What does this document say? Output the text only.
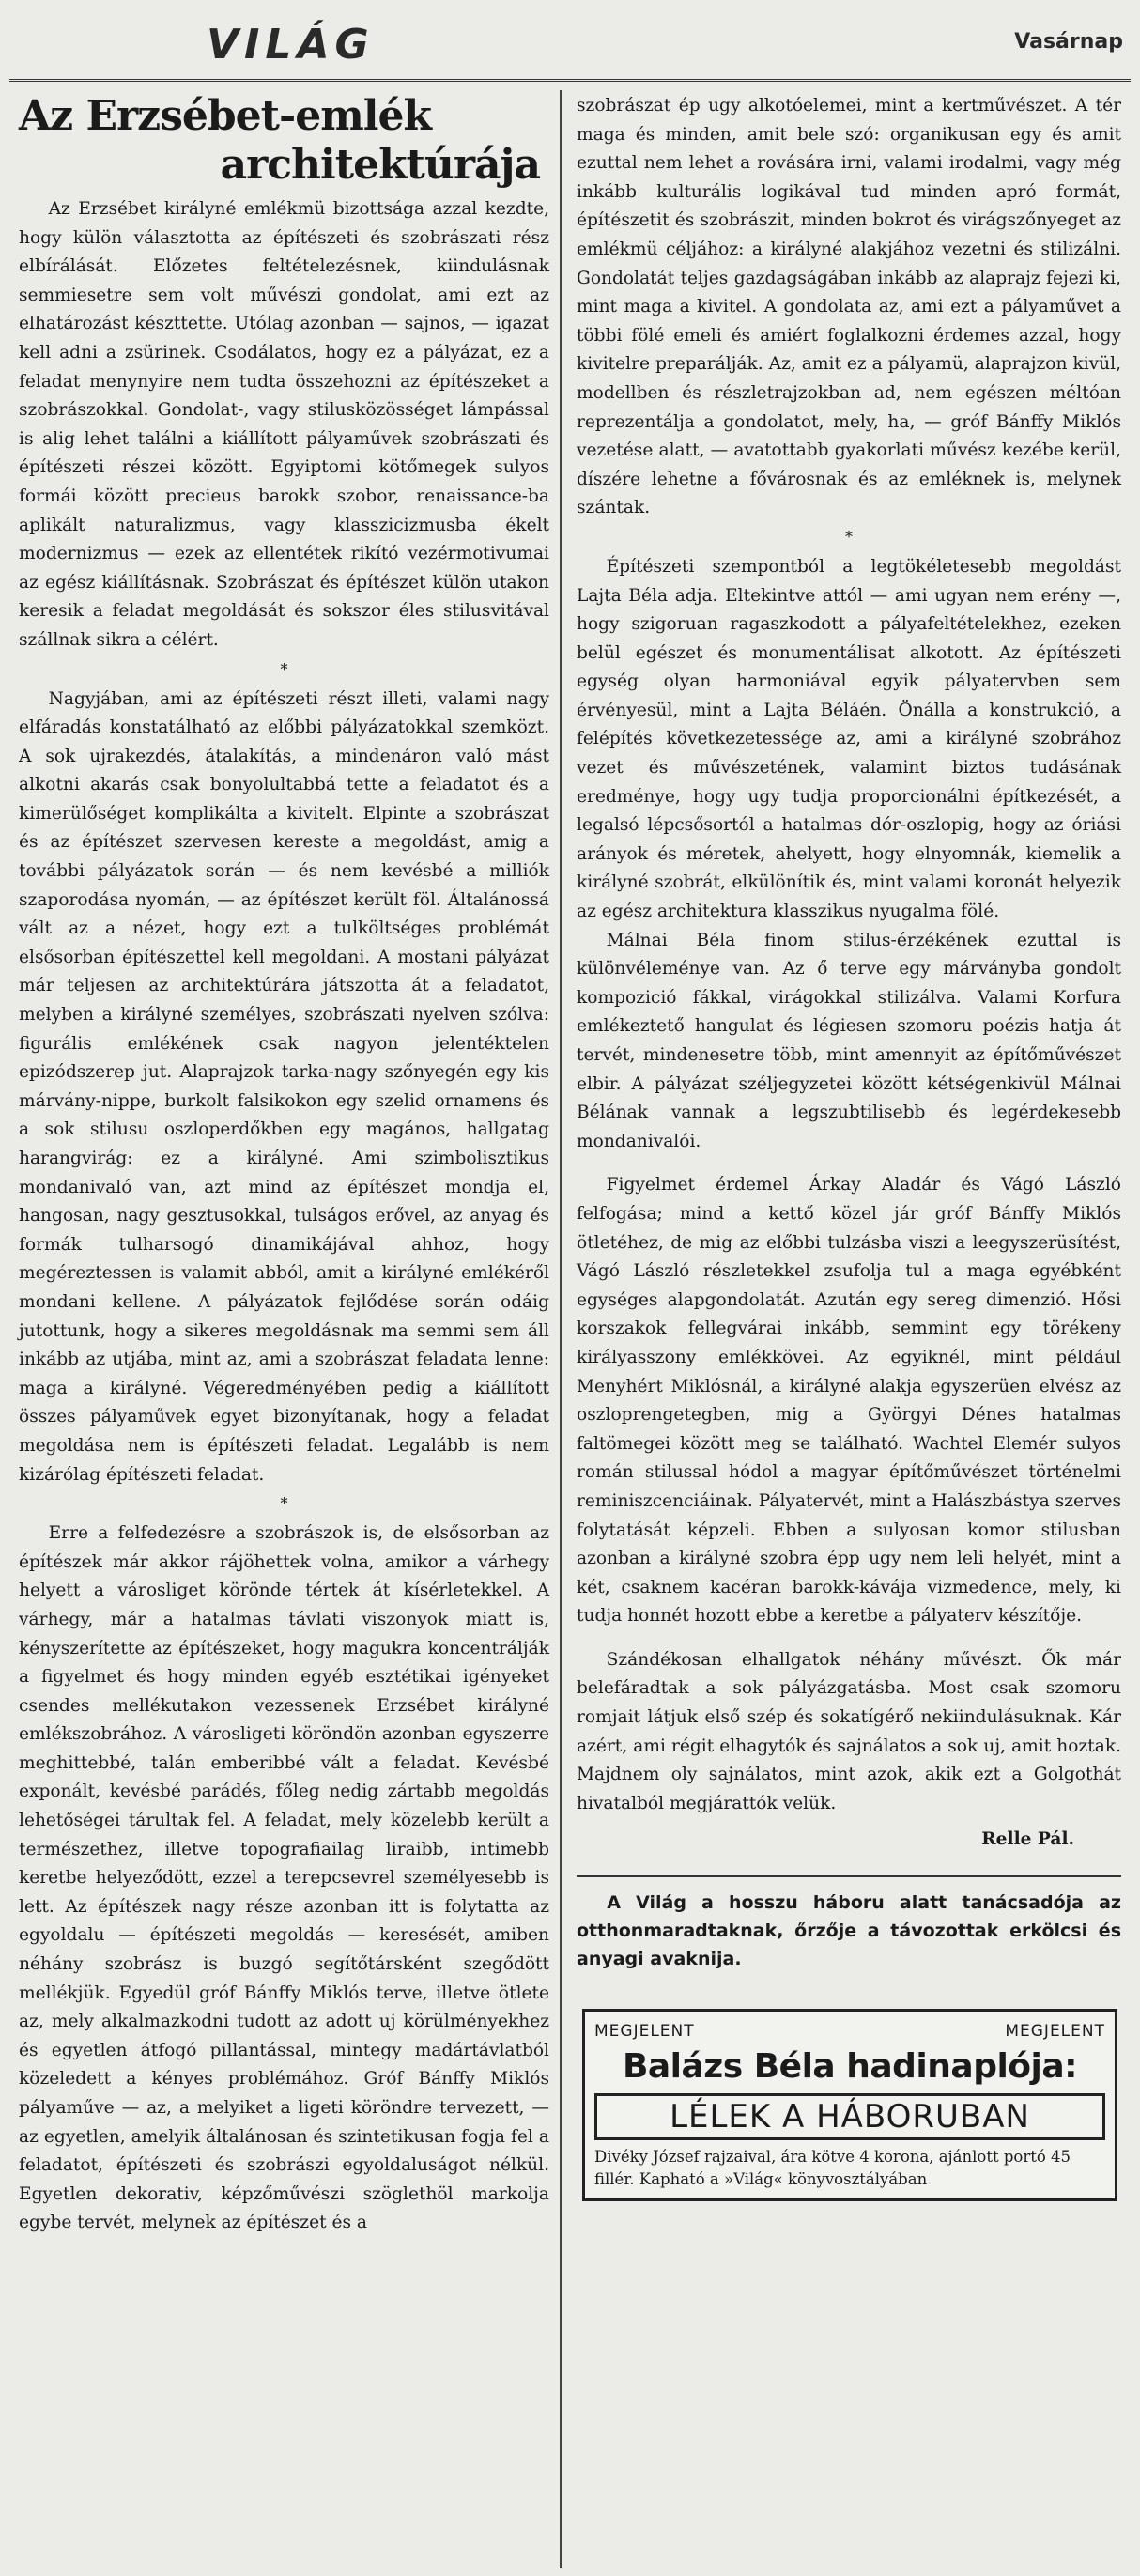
VILÁG	Vasárnap
Az Erzsébet-emlék
architektúrája

Az Erzsébet királyné emlékmü bizottsága azzal kezdte, hogy külön választotta az építészeti és szobrászati rész elbírálását. Előzetes feltételezésnek, kiindulásnak semmiesetre sem volt művészi gondolat, ami ezt az elhatározást készttette. Utólag azonban — sajnos, — igazat kell adni a zsürinek. Csodálatos, hogy ez a pályázat, ez a feladat menynyire nem tudta összehozni az építészeket a szobrászokkal. Gondolat-, vagy stilusközösséget lámpással is alig lehet találni a kiállított pályaművek szobrászati és építészeti részei között. Egyiptomi kötőmegek sulyos formái között precieus barokk szobor, renaissance-ba aplikált naturalizmus, vagy klasszicizmusba ékelt modernizmus — ezek az ellentétek rikító vezérmotivumai az egész kiállításnak. Szobrászat és építészet külön utakon keresik a feladat megoldását és sokszor éles stilusvitával szállnak sikra a célért.

*

Nagyjában, ami az építészeti részt illeti, valami nagy elfáradás konstatálható az előbbi pályázatokkal szemközt. A sok ujrakezdés, átalakítás, a mindenáron való mást alkotni akarás csak bonyolultabbá tette a feladatot és a kimerülőséget komplikálta a kivitelt. Elpinte a szobrászat és az építészet szervesen kereste a megoldást, amig a további pályázatok során — és nem kevésbé a milliók szaporodása nyomán, — az építészet került föl. Általánossá vált az a nézet, hogy ezt a tulköltséges problémát elsősorban építészettel kell megoldani. A mostani pályázat már teljesen az architektúrára játszotta át a feladatot, melyben a királyné személyes, szobrászati nyelven szólva: figurális emlékének csak nagyon jelentéktelen epizódszerep jut. Alaprajzok tarka-nagy szőnyegén egy kis márvány-nippe, burkolt falsikokon egy szelid ornamens és a sok stilusu oszloperdőkben egy magános, hallgatag harangvirág: ez a királyné. Ami szimbolisztikus mondanivaló van, azt mind az építészet mondja el, hangosan, nagy gesztusokkal, tulságos erővel, az anyag és formák tulharsogó dinamikájával ahhoz, hogy megéreztessen is valamit abból, amit a királyné emlékéről mondani kellene. A pályázatok fejlődése során odáig jutottunk, hogy a sikeres megoldásnak ma semmi sem áll inkább az utjába, mint az, ami a szobrászat feladata lenne: maga a királyné. Végeredményében pedig a kiállított összes pályaművek egyet bizonyítanak, hogy a feladat megoldása nem is építészeti feladat. Legalább is nem kizárólag építészeti feladat.

*

Erre a felfedezésre a szobrászok is, de elsősorban az építészek már akkor rájöhettek volna, amikor a várhegy helyett a városliget körönde tértek át kísérletekkel. A várhegy, már a hatalmas távlati viszonyok miatt is, kényszerítette az építészeket, hogy magukra koncentrálják a figyelmet és hogy minden egyéb esztétikai igényeket csendes mellékutakon vezessenek Erzsébet királyné emlékszobrához. A városligeti köröndön azonban egyszerre meghittebbé, talán emberibbé vált a feladat. Kevésbé exponált, kevésbé parádés, főleg nedig zártabb megoldás lehetőségei tárultak fel. A feladat, mely közelebb került a természethez, illetve topografiailag liraibb, intimebb keretbe helyeződött, ezzel a terepcsevrel személyesebb is lett. Az építészek nagy része azonban itt is folytatta az egyoldalu — építészeti megoldás — keresését, amiben néhány szobrász is buzgó segítőtársként szegődött mellékjük. Egyedül gróf Bánffy Miklós terve, illetve ötlete az, mely alkalmazkodni tudott az adott uj körülményekhez és egyetlen átfogó pillantással, mintegy madártávlatból közeledett a kényes problémához. Gróf Bánffy Miklós pályaműve — az, a melyiket a ligeti köröndre tervezett, — az egyetlen, amelyik általánosan és szintetikusan fogja fel a feladatot, építészeti és szobrászi egyoldaluságot nélkül. Egyetlen dekorativ, képzőművészi szöglethöl markolja egybe tervét, melynek az építészet és a

szobrászat ép ugy alkotóelemei, mint a kertművészet. A tér maga és minden, amit bele szó: organikusan egy és amit ezuttal nem lehet a rovására irni, valami irodalmi, vagy még inkább kulturális logikával tud minden apró formát, építészetit és szobrászit, minden bokrot és virágszőnyeget az emlékmü céljához: a királyné alakjához vezetni és stilizálni. Gondolatát teljes gazdagságában inkább az alaprajz fejezi ki, mint maga a kivitel. A gondolata az, ami ezt a pályaművet a többi fölé emeli és amiért foglalkozni érdemes azzal, hogy kivitelre preparálják. Az, amit ez a pályamü, alaprajzon kivül, modellben és részletrajzokban ad, nem egészen méltóan reprezentálja a gondolatot, mely, ha, — gróf Bánffy Miklós vezetése alatt, — avatottabb gyakorlati művész kezébe kerül, díszére lehetne a fővárosnak és az emléknek is, melynek szántak.

*

Építészeti szempontból a legtökéletesebb megoldást Lajta Béla adja. Eltekintve attól — ami ugyan nem erény —, hogy szigoruan ragaszkodott a pályafeltételekhez, ezeken belül egészet és monumentálisat alkotott. Az építészeti egység olyan harmoniával egyik pályatervben sem érvényesül, mint a Lajta Béláén. Önálla a konstrukció, a felépítés következetessége az, ami a királyné szobrához vezet és művészetének, valamint biztos tudásának eredménye, hogy ugy tudja proporcionálni építkezését, a legalsó lépcsősortól a hatalmas dór-oszlopig, hogy az óriási arányok és méretek, ahelyett, hogy elnyomnák, kiemelik a királyné szobrát, elkülönítik és, mint valami koronát helyezik az egész architektura klasszikus nyugalma fölé.

Málnai Béla finom stilus-érzékének ezuttal is különvéleménye van. Az ő terve egy márványba gondolt kompozició fákkal, virágokkal stilizálva. Valami Korfura emlékeztető hangulat és légiesen szomoru poézis hatja át tervét, mindenesetre több, mint amennyit az építőművészet elbir. A pályázat széljegyzetei között kétségenkivül Málnai Bélának vannak a legszubtilisebb és legérdekesebb mondanivalói.

Figyelmet érdemel Árkay Aladár és Vágó László felfogása; mind a kettő közel jár gróf Bánffy Miklós ötletéhez, de mig az előbbi tulzásba viszi a leegyszerüsítést, Vágó László részletekkel zsufolja tul a maga egyébként egységes alapgondolatát. Azután egy sereg dimenzió. Hősi korszakok fellegvárai inkább, semmint egy törékeny királyasszony emlékkövei. Az egyiknél, mint például Menyhért Miklósnál, a királyné alakja egyszerüen elvész az oszloprengetegben, mig a Györgyi Dénes hatalmas faltömegei között meg se található. Wachtel Elemér sulyos román stilussal hódol a magyar építőművészet történelmi reminiszcenciáinak. Pályatervét, mint a Halászbástya szerves folytatását képzeli. Ebben a sulyosan komor stilusban azonban a királyné szobra épp ugy nem leli helyét, mint a két, csaknem kacéran barokk-kávája vizmedence, mely, ki tudja honnét hozott ebbe a keretbe a pályaterv készítője.

Szándékosan elhallgatok néhány művészt. Ők már belefáradtak a sok pályázgatásba. Most csak szomoru romjait látjuk első szép és sokatígérő nekiindulásuknak. Kár azért, ami régit elhagytók és sajnálatos a sok uj, amit hoztak. Majdnem oly sajnálatos, mint azok, akik ezt a Golgothát hivatalból megjárattók velük.

Relle Pál.

A Világ a hosszu háboru alatt tanácsadója az otthonmaradtaknak, őrzője a távozottak erkölcsi és anyagi avaknija.

MEGJELENT	MEGJELENT
Balázs Béla hadinaplója:
LÉLEK A HÁBORUBAN
Divéky József rajzaival, ára kötve 4 korona, ajánlott portó 45 fillér. Kapható a »Világ« könyvosztályában
